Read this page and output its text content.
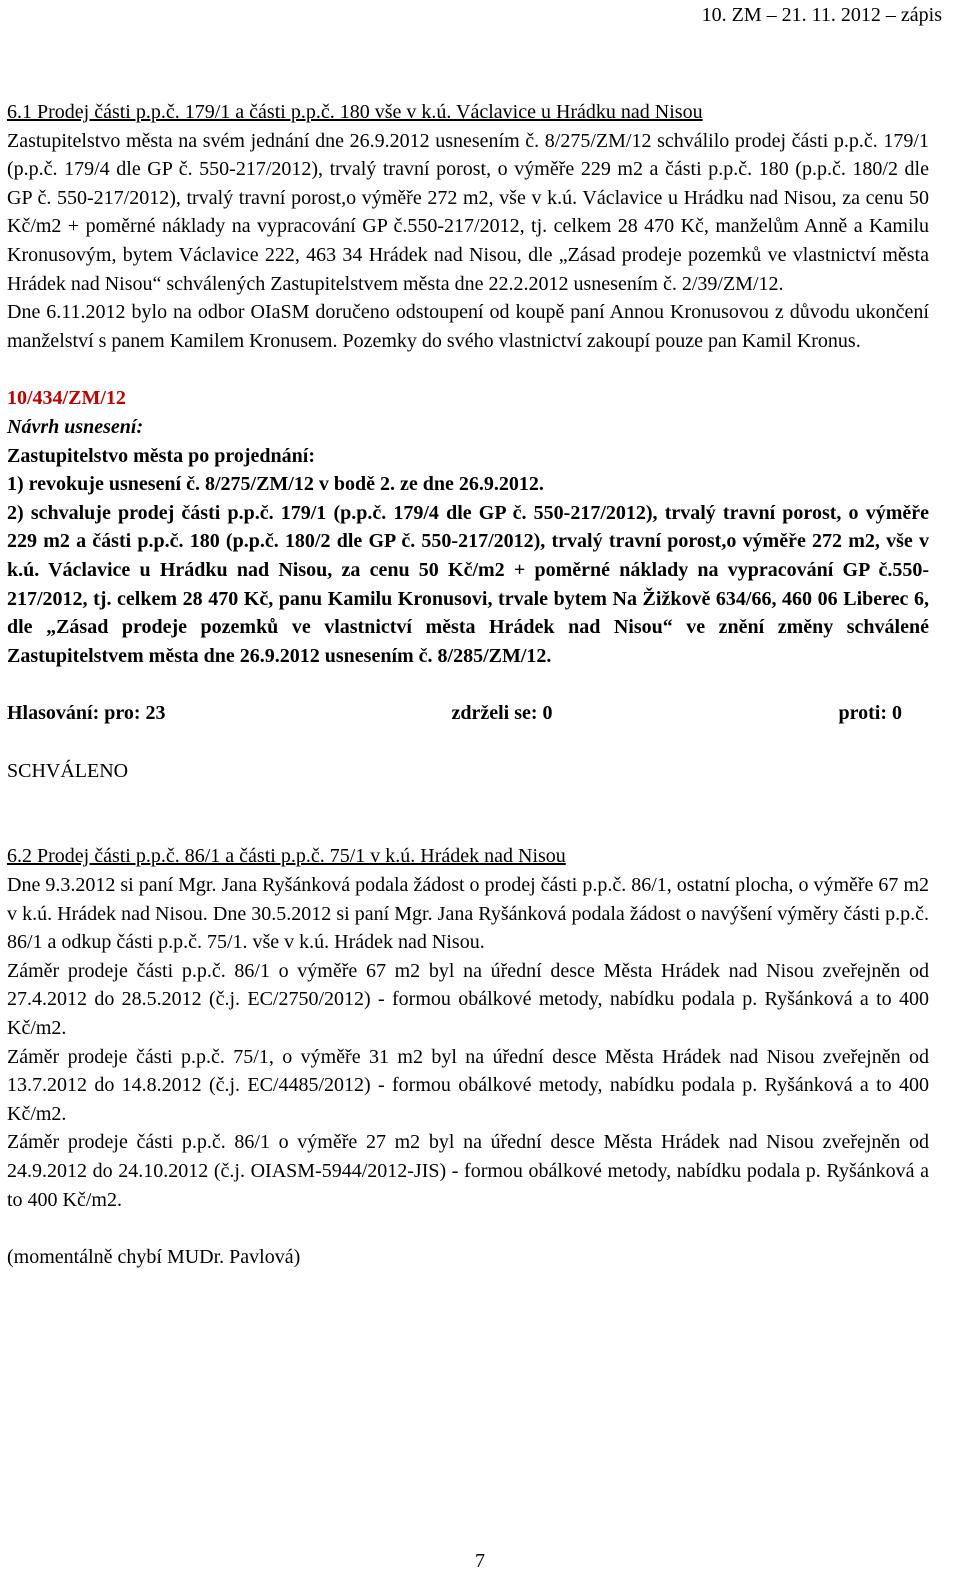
10. ZM – 21. 11. 2012 – zápis

6.1 Prodej části p.p.č. 179/1 a části p.p.č. 180 vše v k.ú. Václavice u Hrádku nad Nisou

Zastupitelstvo města na svém jednání dne 26.9.2012 usnesením č. 8/275/ZM/12 schválilo prodej části p.p.č. 179/1 (p.p.č. 179/4 dle GP č. 550-217/2012), trvalý travní porost, o výměře 229 m2 a části p.p.č. 180 (p.p.č. 180/2 dle GP č. 550-217/2012), trvalý travní porost,o výměře 272 m2, vše v k.ú. Václavice u Hrádku nad Nisou, za cenu 50 Kč/m2 + poměrné náklady na vypracování GP č.550-217/2012, tj. celkem 28 470 Kč, manželům Anně a Kamilu Kronusovým, bytem Václavice 222, 463 34 Hrádek nad Nisou, dle „Zásad prodeje pozemků ve vlastnictví města Hrádek nad Nisou“ schválených Zastupitelstvem města dne 22.2.2012 usnesením č. 2/39/ZM/12.

Dne 6.11.2012 bylo na odbor OIaSM doručeno odstoupení od koupě paní Annou Kronusovou z důvodu ukončení manželství s panem Kamilem Kronusem. Pozemky do svého vlastnictví zakoupí pouze pan Kamil Kronus.

10/434/ZM/12

Návrh usnesení:

Zastupitelstvo města po projednání:

1) revokuje usnesení č. 8/275/ZM/12 v bodě 2. ze dne 26.9.2012.

2) schvaluje prodej části p.p.č. 179/1 (p.p.č. 179/4 dle GP č. 550-217/2012), trvalý travní porost, o výměře 229 m2 a části p.p.č. 180 (p.p.č. 180/2 dle GP č. 550-217/2012), trvalý travní porost,o výměře 272 m2, vše v k.ú. Václavice u Hrádku nad Nisou, za cenu 50 Kč/m2 + poměrné náklady na vypracování GP č.550-217/2012, tj. celkem 28 470 Kč, panu Kamilu Kronusovi, trvale bytem Na Žižkově 634/66, 460 06 Liberec 6, dle „Zásad prodeje pozemků ve vlastnictví města Hrádek nad Nisou“ ve znění změny schválené Zastupitelstvem města dne 26.9.2012 usnesením č. 8/285/ZM/12.

Hlasování: pro: 23	zdrželi se: 0	proti: 0

SCHVÁLENO

6.2 Prodej části p.p.č. 86/1 a části p.p.č. 75/1 v k.ú. Hrádek nad Nisou

Dne 9.3.2012 si paní Mgr. Jana Ryšánková podala žádost o prodej části p.p.č. 86/1, ostatní plocha, o výměře 67 m2 v k.ú. Hrádek nad Nisou. Dne 30.5.2012 si paní Mgr. Jana Ryšánková podala žádost o navýšení výměry části p.p.č. 86/1 a odkup části p.p.č. 75/1. vše v k.ú. Hrádek nad Nisou.

Záměr prodeje části p.p.č. 86/1 o výměře 67 m2 byl na úřední desce Města Hrádek nad Nisou zveřejněn od 27.4.2012 do 28.5.2012 (č.j. EC/2750/2012) - formou obálkové metody, nabídku podala p. Ryšánková a to 400 Kč/m2.

Záměr prodeje části p.p.č. 75/1, o výměře 31 m2 byl na úřední desce Města Hrádek nad Nisou zveřejněn od 13.7.2012 do 14.8.2012 (č.j. EC/4485/2012) - formou obálkové metody, nabídku podala p. Ryšánková a to 400 Kč/m2.

Záměr prodeje části p.p.č. 86/1 o výměře 27 m2 byl na úřední desce Města Hrádek nad Nisou zveřejněn od 24.9.2012 do 24.10.2012 (č.j. OIASM-5944/2012-JIS) - formou obálkové metody, nabídku podala p. Ryšánková a to 400 Kč/m2.

(momentálně chybí MUDr. Pavlová)

7
